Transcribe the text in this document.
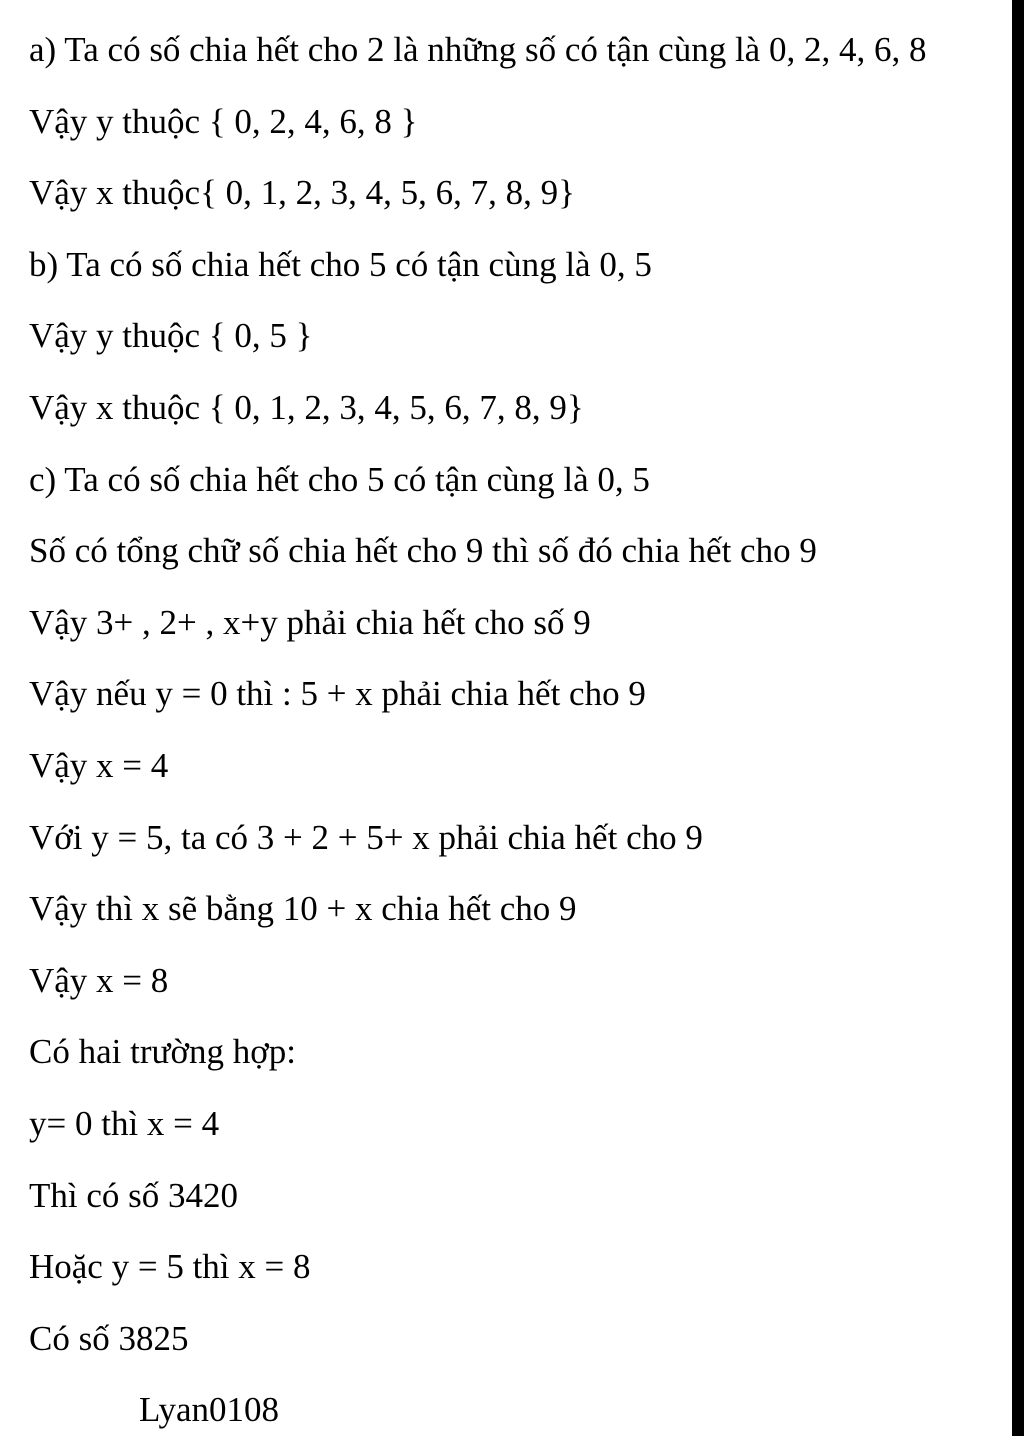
a) Ta có số chia hết cho 2 là những số có tận cùng là 0, 2, 4, 6, 8
Vậy y thuộc { 0, 2, 4, 6, 8 }
Vậy x thuộc{ 0, 1, 2, 3, 4, 5, 6, 7, 8, 9}
b) Ta có số chia hết cho 5 có tận cùng là 0, 5
Vậy y thuộc { 0, 5 }
Vậy x thuộc { 0, 1, 2, 3, 4, 5, 6, 7, 8, 9}
c) Ta có số chia hết cho 5 có tận cùng là 0, 5
Số có tổng chữ số chia hết cho 9 thì số đó chia hết cho 9
Vậy 3+ , 2+ , x+y phải chia hết cho số 9
Vậy nếu y = 0 thì : 5 + x phải chia hết cho 9
Vậy x = 4
Với y = 5, ta có 3 + 2 + 5+ x phải chia hết cho 9
Vậy thì x sẽ bằng 10 + x chia hết cho 9
Vậy x = 8
Có hai trường hợp:
y= 0 thì x = 4
Thì có số 3420
Hoặc y = 5 thì x = 8
Có số 3825
Lyan0108
